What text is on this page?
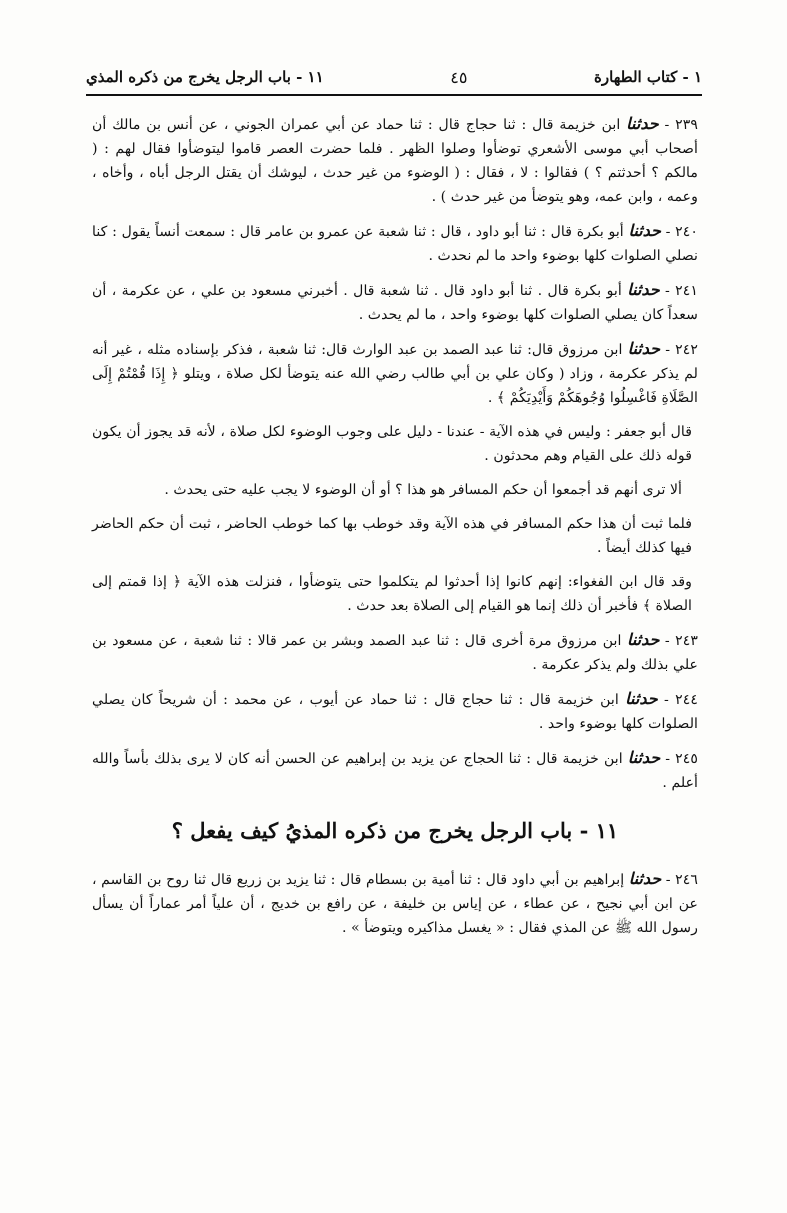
١ - كتاب الطهارة
٤٥
١١ - باب الرجل يخرج من ذكره المذي

٢٣٩ - حدثنا ابن خزيمة قال : ثنا حجاج قال : ثنا حماد عن أبي عمران الجوني ، عن أنس بن مالك أن أصحاب أبي موسى الأشعري توضأوا وصلوا الظهر . فلما حضرت العصر قاموا ليتوضأوا فقال لهم : ( مالكم ؟ أحدثتم ؟ ) فقالوا : لا ، فقال : ( الوضوء من غير حدث ، ليوشك أن يقتل الرجل أباه ، وأخاه ، وعمه ، وابن عمه، وهو يتوضأ من غير حدث ) .

٢٤٠ - حدثنا أبو بكرة قال : ثنا أبو داود ، قال : ثنا شعبة عن عمرو بن عامر قال : سمعت أنساً يقول : كنا نصلي الصلوات كلها بوضوء واحد ما لم نحدث .

٢٤١ - حدثنا أبو بكرة قال . ثنا أبو داود قال . ثنا شعبة قال . أخبرني مسعود بن علي ، عن عكرمة ، أن سعداً كان يصلي الصلوات كلها بوضوء واحد ، ما لم يحدث .

٢٤٢ - حدثنا ابن مرزوق قال: ثنا عبد الصمد بن عبد الوارث قال: ثنا شعبة ، فذكر بإسناده مثله ، غير أنه لم يذكر عكرمة ، وزاد ( وكان علي بن أبي طالب رضي الله عنه يتوضأ لكل صلاة ، ويتلو ﴿ إِذَا قُمْتُمْ إِلَى الصَّلَاةِ فَاغْسِلُوا وُجُوهَكُمْ وَأَيْدِيَكُمْ ﴾ .

قال أبو جعفر : وليس في هذه الآية - عندنا - دليل على وجوب الوضوء لكل صلاة ، لأنه قد يجوز أن يكون قوله ذلك على القيام وهم محدثون .

ألا ترى أنهم قد أجمعوا أن حكم المسافر هو هذا ؟ أو أن الوضوء لا يجب عليه حتى يحدث .

فلما ثبت أن هذا حكم المسافر في هذه الآية وقد خوطب بها كما خوطب الحاضر ، ثبت أن حكم الحاضر فيها كذلك أيضاً .

وقد قال ابن الفغواء: إنهم كانوا إذا أحدثوا لم يتكلموا حتى يتوضأوا ، فنزلت هذه الآية ﴿ إذا قمتم إلى الصلاة ﴾ فأخبر أن ذلك إنما هو القيام إلى الصلاة بعد حدث .

٢٤٣ - حدثنا ابن مرزوق مرة أخرى قال : ثنا عبد الصمد وبشر بن عمر قالا : ثنا شعبة ، عن مسعود بن علي بذلك ولم يذكر عكرمة .

٢٤٤ - حدثنا ابن خزيمة قال : ثنا حجاج قال : ثنا حماد عن أيوب ، عن محمد : أن شريحاً كان يصلي الصلوات كلها بوضوء واحد .

٢٤٥ - حدثنا ابن خزيمة قال : ثنا الحجاج عن يزيد بن إبراهيم عن الحسن أنه كان لا يرى بذلك بأساً والله أعلم .

١١ - باب الرجل يخرج من ذكره المذيُ كيف يفعل ؟

٢٤٦ - حدثنا إبراهيم بن أبي داود قال : ثنا أمية بن بسطام قال : ثنا يزيد بن زريع قال ثنا روح بن القاسم ، عن ابن أبي نجيح ، عن عطاء ، عن إياس بن خليفة ، عن رافع بن خديج ، أن علياً أمر عماراً أن يسأل رسول الله ﷺ عن المذي فقال : « يغسل مذاكيره ويتوضأ » .
